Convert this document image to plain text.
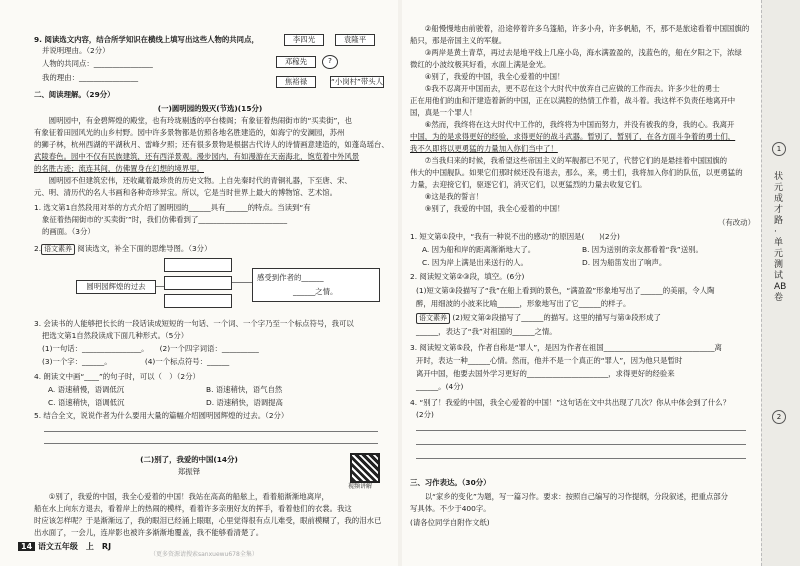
9. 阅读选文内容，结合所学知识在横线上填写出这些人物的共同点，
并说明理由。（2分）
人物的共同点：________________
我的理由：________________
李四光	袁隆平
邓稼先	?
焦裕禄	“小岗村”带头人
二、阅读理解。（29分）
(一)圆明园的毁灭(节选)(15分)
　　圆明园中，有金碧辉煌的殿堂，也有玲珑剔透的亭台楼阁；有象征着热闹街市的“买卖街”，也
有象征着田园风光的山乡村野。园中许多景物都是仿照各地名胜建造的，如海宁的安澜园，苏州
的狮子林，杭州西湖的平湖秋月、雷峰夕照；还有很多景物是根据古代诗人的诗情画意建造的，如蓬岛瑶台、
武陵春色。园中不仅有民族建筑，还有西洋景观。漫步园内，有如漫游在天南海北，饱览着中外风景
的名胜古迹；流连其间，仿佛置身在幻想的境界里。
　　圆明园不但建筑宏伟，还收藏着最珍贵的历史文物。上自先秦时代的青铜礼器，下至唐、宋、
元、明、清历代的名人书画和各种奇珍异宝。所以，它是当时世界上最大的博物馆、艺术馆。
1. 选文第1自然段用对举的方式介绍了圆明园的______具有______的特点。当读到“有
象征着热闹街市的‘买卖街’”时，我们仿佛看到了________________________
的画面。（3分）
2. 语文素养 阅读选文，补全下面的思维导图。（3分）
圆明园辉煌的过去
感受到作者的______
______之情。
3. 会读书的人能够把长长的一段话读成短短的一句话、一个词、一个字乃至一个标点符号，我可以
把选文第1自然段读成下面几种形式。（5分）
(1)一句话：________________。　　(2)一个四字词语：__________
(3)一个字：______。　　　　　(4)一个标点符号：______
4. 朗读文中画“____”的句子时，可以（　）（2分）
A. 语速稍慢，语调低沉	B. 语速稍快，语气自然
C. 语速稍快，语调低沉	D. 语速稍快，语调提高
5. 结合全文，说说作者为什么要用大量的篇幅介绍圆明园辉煌的过去。（2分）
(二)别了，我爱的中国(14分)
郑振铎
视频讲解
　　①别了，我爱的中国，我全心爱着的中国！我站在高高的船舷上，看着船渐渐地离岸，
船在水上向东方退去，看着岸上的热闹的模样，看着许多亲朋好友的挥手，看着他们的衣裳。我这
时应该怎样呢？于是渐渐远了，我的眼泪已经涌上眼眶，心里觉得很有点儿难受，眼前模糊了，我的泪水已
出水面了，一会儿，连岸影也被许多渐渐地覆盖，我不能够看清楚了。
14 语文五年级　上　RJ
（更多资源请搜索sanxuewu678全集）
　　②船慢慢地由前驶着，沿途停着许多乌篷船，许多小舟，许多帆船，不，那不是旅途看着中国国旗的
船只，那是帝国主义的军舰。
　　③两岸是黄土青草，再过去是地平线上几座小岛，海水满盈盈的，浅蓝色的，船在夕阳之下，浓绿
微红的小波纹极其好看，水面上满是金光。
　　④别了，我爱的中国，我全心爱着的中国！
　　⑤我不忍离开中国而去，更不忍在这个大时代中放弃自己应做的工作而去。许多少壮的勇士
正在用他们的血和汗建造着新的中国，正在以满腔的热情工作着，战斗着。我这样不负责任地离开中
国，真是一个罪人！
　　⑥然而，我终将在这大时代中工作的，我终将为中国而努力，并没有被我的身，我的心。我离开
中国，为的是求得更好的经验，求得更好的战斗武器。暂别了，暂别了，在各方面斗争着的勇士们，
我不久即将以更勇猛的力量加入你们当中了！
　　⑦当我归来的时候，我希望这些帝国主义的军舰都已不见了，代替它们的是悬挂着中国国旗的
伟大的中国舰队。如果它们那时候还没有退去，那么，来，勇士们，我将加入你们的队伍，以更勇猛的
力量，去迎接它们，驱逐它们，消灭它们，以更猛烈的力量去收复它们。
　　⑧这是我的誓言！
　　⑨别了，我爱的中国，我全心爱着的中国！
（有改动）
1. 短文第①段中，“我有一种说不出的感动”的原因是(　　)(2分)
A. 因为船和岸的距离渐渐地大了。	B. 因为送别的亲友都看着“我”送别。
C. 因为岸上满是出来送行的人。	D. 因为船笛发出了响声。
2. 阅读短文第②③段，填空。(6分)
(1)短文第③段描写了“我”在船上看到的景色，“满盈盈”形象地写出了______的美丽，令人陶
醉，用细波的小波来比喻______，形象地写出了它______的样子。
语文素养 (2)短文第②段描写了______的描写。这里的描写与第③段形成了
______，表达了“我”对祖国的______之情。
3. 阅读短文第⑤段，作者自称是“罪人”，是因为作者在祖国______________________________离
开时，表达一种______心情。然而，他并不是一个真正的“罪人”，因为他只是暂时
离开中国，他要去国外学习更好的______________________，求得更好的经验来
______。(4分)
4. “别了！我爱的中国，我全心爱着的中国！”这句话在文中共出现了几次？你从中体会到了什么？
(2分)
三、习作表达。（30分）
　　以“家乡的变化”为题，写一篇习作。要求：按照自己编写的习作提纲，分段叙述，把重点部分
写具体。不少于400字。
(请各位同学自附作文纸)
1
状元成才路 · 单元测试AB卷
2
